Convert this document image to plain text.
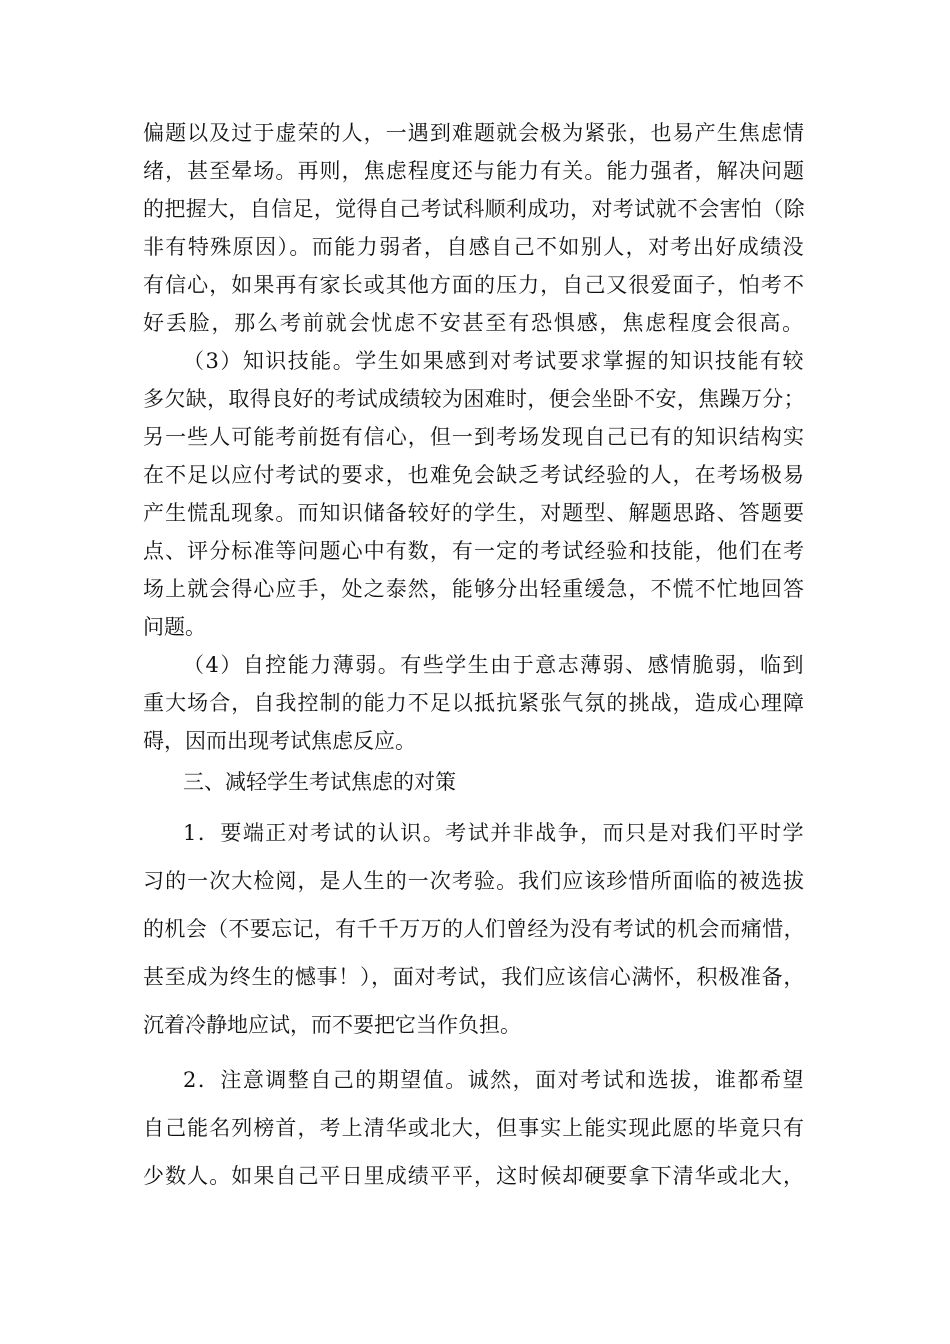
偏题以及过于虚荣的人，一遇到难题就会极为紧张，也易产生焦虑情
绪，甚至晕场。再则，焦虑程度还与能力有关。能力强者，解决问题
的把握大，自信足，觉得自己考试科顺利成功，对考试就不会害怕（除
非有特殊原因）。而能力弱者，自感自己不如别人，对考出好成绩没
有信心，如果再有家长或其他方面的压力，自己又很爱面子，怕考不
好丢脸，那么考前就会忧虑不安甚至有恐惧感，焦虑程度会很高。
（3）知识技能。学生如果感到对考试要求掌握的知识技能有较
多欠缺，取得良好的考试成绩较为困难时，便会坐卧不安，焦躁万分；
另一些人可能考前挺有信心，但一到考场发现自己已有的知识结构实
在不足以应付考试的要求，也难免会缺乏考试经验的人，在考场极易
产生慌乱现象。而知识储备较好的学生，对题型、解题思路、答题要
点、评分标准等问题心中有数，有一定的考试经验和技能，他们在考
场上就会得心应手，处之泰然，能够分出轻重缓急，不慌不忙地回答
问题。
（4）自控能力薄弱。有些学生由于意志薄弱、感情脆弱，临到
重大场合，自我控制的能力不足以抵抗紧张气氛的挑战，造成心理障
碍，因而出现考试焦虑反应。
三、减轻学生考试焦虑的对策
1．要端正对考试的认识。考试并非战争，而只是对我们平时学
习的一次大检阅，是人生的一次考验。我们应该珍惜所面临的被选拔
的机会（不要忘记，有千千万万的人们曾经为没有考试的机会而痛惜，
甚至成为终生的憾事！），面对考试，我们应该信心满怀，积极准备，
沉着冷静地应试，而不要把它当作负担。
2．注意调整自己的期望值。诚然，面对考试和选拔，谁都希望
自己能名列榜首，考上清华或北大，但事实上能实现此愿的毕竟只有
少数人。如果自己平日里成绩平平，这时候却硬要拿下清华或北大，
